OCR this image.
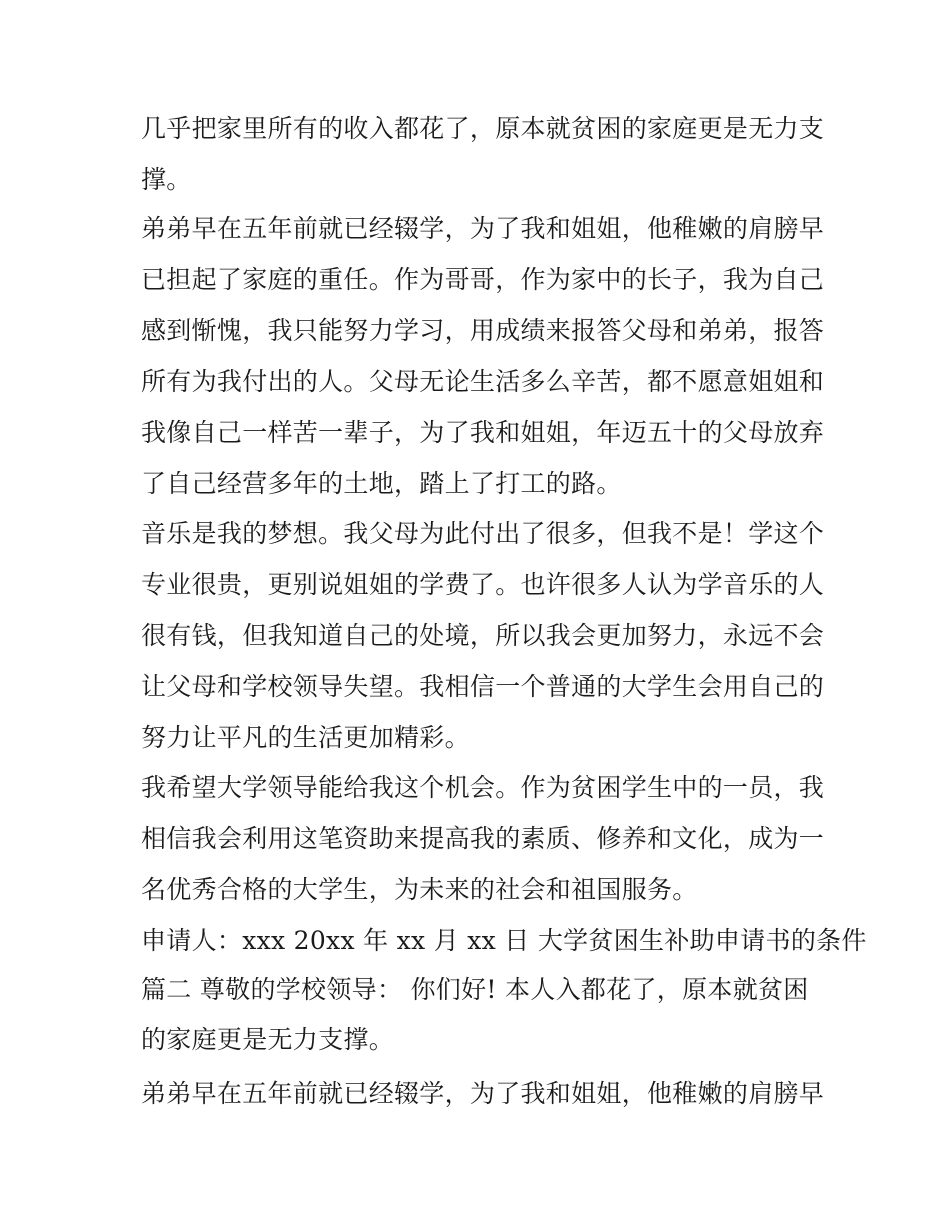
几乎把家里所有的收入都花了，原本就贫困的家庭更是无力支
撑。
弟弟早在五年前就已经辍学，为了我和姐姐，他稚嫩的肩膀早
已担起了家庭的重任。作为哥哥，作为家中的长子，我为自己
感到惭愧，我只能努力学习，用成绩来报答父母和弟弟，报答
所有为我付出的人。父母无论生活多么辛苦，都不愿意姐姐和
我像自己一样苦一辈子，为了我和姐姐，年迈五十的父母放弃
了自己经营多年的土地，踏上了打工的路。
音乐是我的梦想。我父母为此付出了很多，但我不是！学这个
专业很贵，更别说姐姐的学费了。也许很多人认为学音乐的人
很有钱，但我知道自己的处境，所以我会更加努力，永远不会
让父母和学校领导失望。我相信一个普通的大学生会用自己的
努力让平凡的生活更加精彩。
我希望大学领导能给我这个机会。作为贫困学生中的一员，我
相信我会利用这笔资助来提高我的素质、修养和文化，成为一
名优秀合格的大学生，为未来的社会和祖国服务。
申请人：xxx 20xx 年 xx 月 xx 日 大学贫困生补助申请书的条件
篇二 尊敬的学校领导： 你们好! 本人入都花了，原本就贫困
的家庭更是无力支撑。
弟弟早在五年前就已经辍学，为了我和姐姐，他稚嫩的肩膀早
